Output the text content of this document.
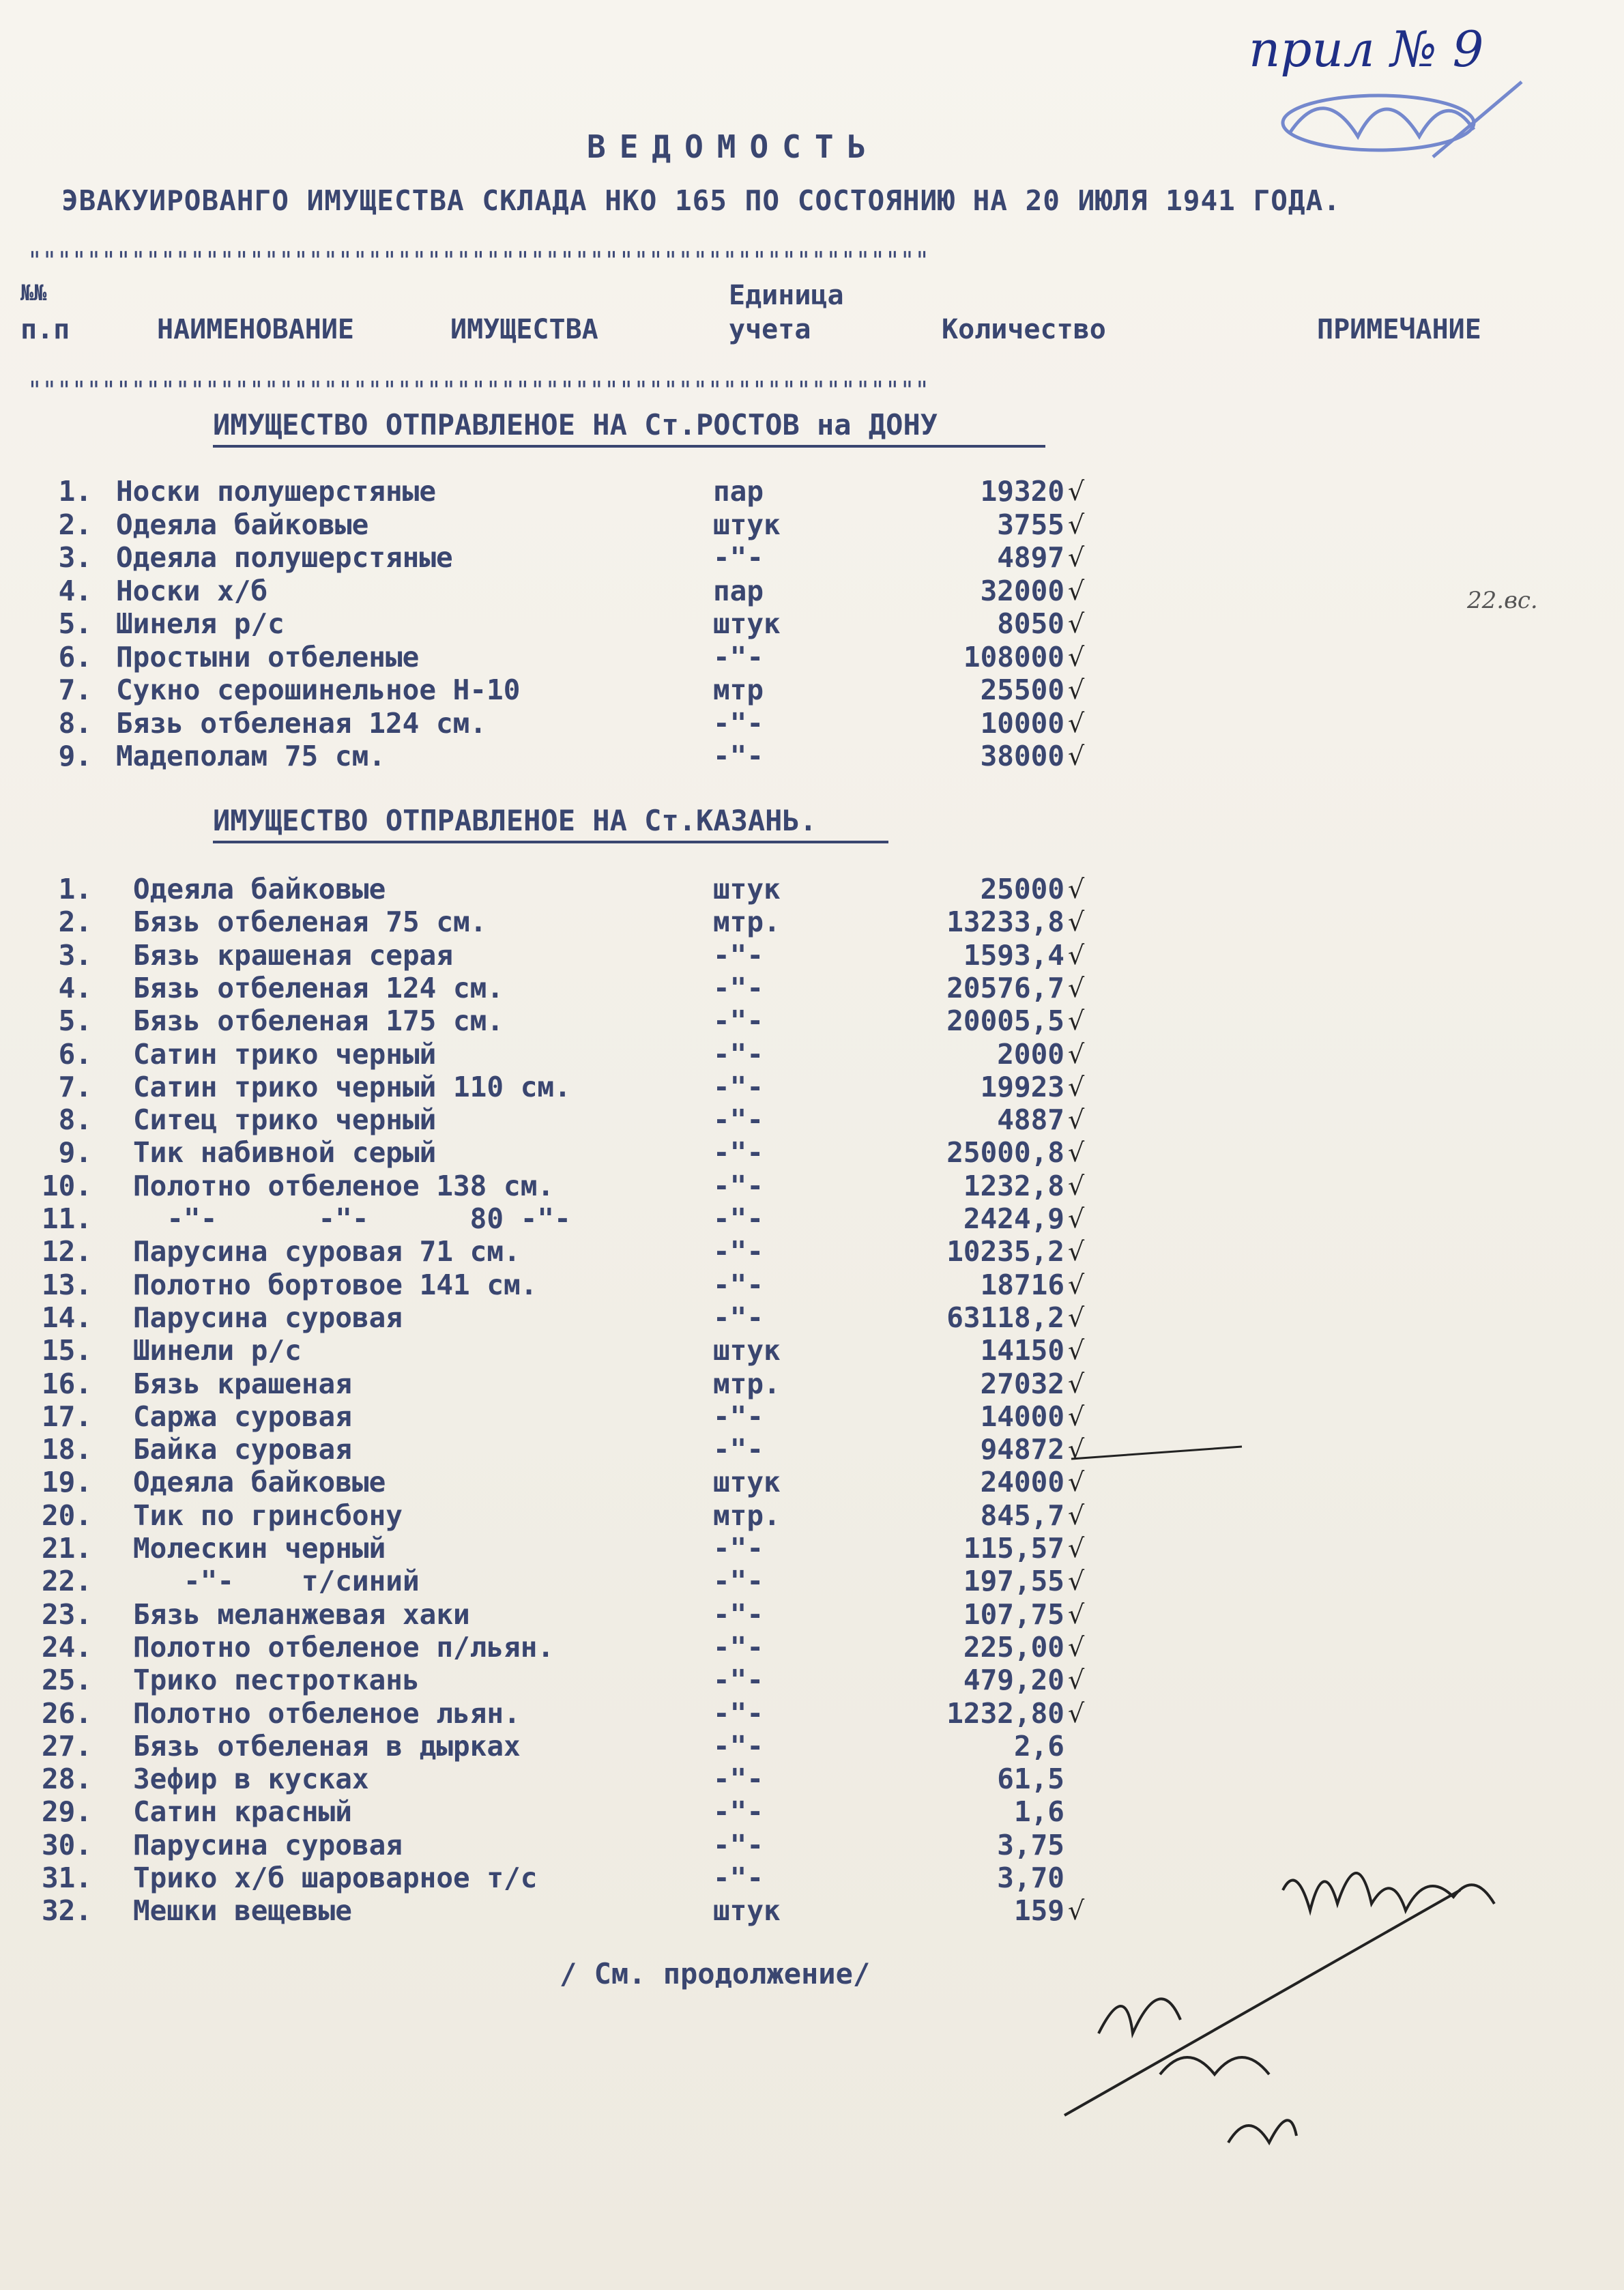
прил № 9
22.вс.
ВЕДОМОСТЬ
ЭВАКУИРОВАНГО ИМУЩЕСТВА СКЛАДА НКО 165 ПО СОСТОЯНИЮ НА 20 ИЮЛЯ 1941 ГОДА.
"""""""""""""""""""""""""""""""""""""""""""""""""""""""""""""
№№
п.п	НАИМЕНОВАНИЕ	ИМУЩЕСТВА
Единица
учета	Количество	ПРИМЕЧАНИЕ
"""""""""""""""""""""""""""""""""""""""""""""""""""""""""""""
ИМУЩЕСТВО ОТПРАВЛЕНОЕ НА Ст.РОСТОВ на ДОНУ
1. Носки полушерстяные	пар	19320 √
2. Одеяла байковые	штук	3755 √
3. Одеяла полушерстяные	-"-	4897 √
4. Носки х/б	пар	32000 √
5. Шинеля р/с	штук	8050 √
6. Простыни отбеленые	-"-	108000 √
7. Сукно серошинельное Н-10	мтр	25500 √
8. Бязь отбеленая 124 см.	-"-	10000 √
9. Мадеполам 75 см.	-"-	38000 √
ИМУЩЕСТВО ОТПРАВЛЕНОЕ НА Ст.КАЗАНЬ.
1. Одеяла байковые	штук	25000 √
2. Бязь отбеленая 75 см.	мтр.	13233,8 √
3. Бязь крашеная серая	-"-	1593,4 √
4. Бязь отбеленая 124 см.	-"-	20576,7 √
5. Бязь отбеленая 175 см.	-"-	20005,5 √
6. Сатин трико черный	-"-	2000 √
7. Сатин трико черный 110 см.	-"-	19923 √
8. Ситец трико черный	-"-	4887 √
9. Тик набивной серый	-"-	25000,8 √
10. Полотно отбеленое 138 см.	-"-	1232,8 √
11. -"-      -"-      80 -"-	-"-	2424,9 √
12. Парусина суровая 71 см.	-"-	10235,2 √
13. Полотно бортовое 141 см.	-"-	18716 √
14. Парусина суровая	-"-	63118,2 √
15. Шинели р/с	штук	14150 √
16. Бязь крашеная	мтр.	27032 √
17. Саржа суровая	-"-	14000 √
18. Байка суровая	-"-	94872 √
19. Одеяла байковые	штук	24000 √
20. Тик по гринсбону	мтр.	845,7 √
21. Молескин черный	-"-	115,57 √
22. -"-    т/синий	-"-	197,55 √
23. Бязь меланжевая хаки	-"-	107,75 √
24. Полотно отбеленое п/льян.	-"-	225,00 √
25. Трико пестроткань	-"-	479,20 √
26. Полотно отбеленое льян.	-"-	1232,80 √
27. Бязь отбеленая в дырках	-"-	2,6
28. Зефир в кусках	-"-	61,5
29. Сатин красный	-"-	1,6
30. Парусина суровая	-"-	3,75
31. Трико х/б шароварное т/с	-"-	3,70
32. Мешки вещевые	штук	159 √
/ См. продолжение/
